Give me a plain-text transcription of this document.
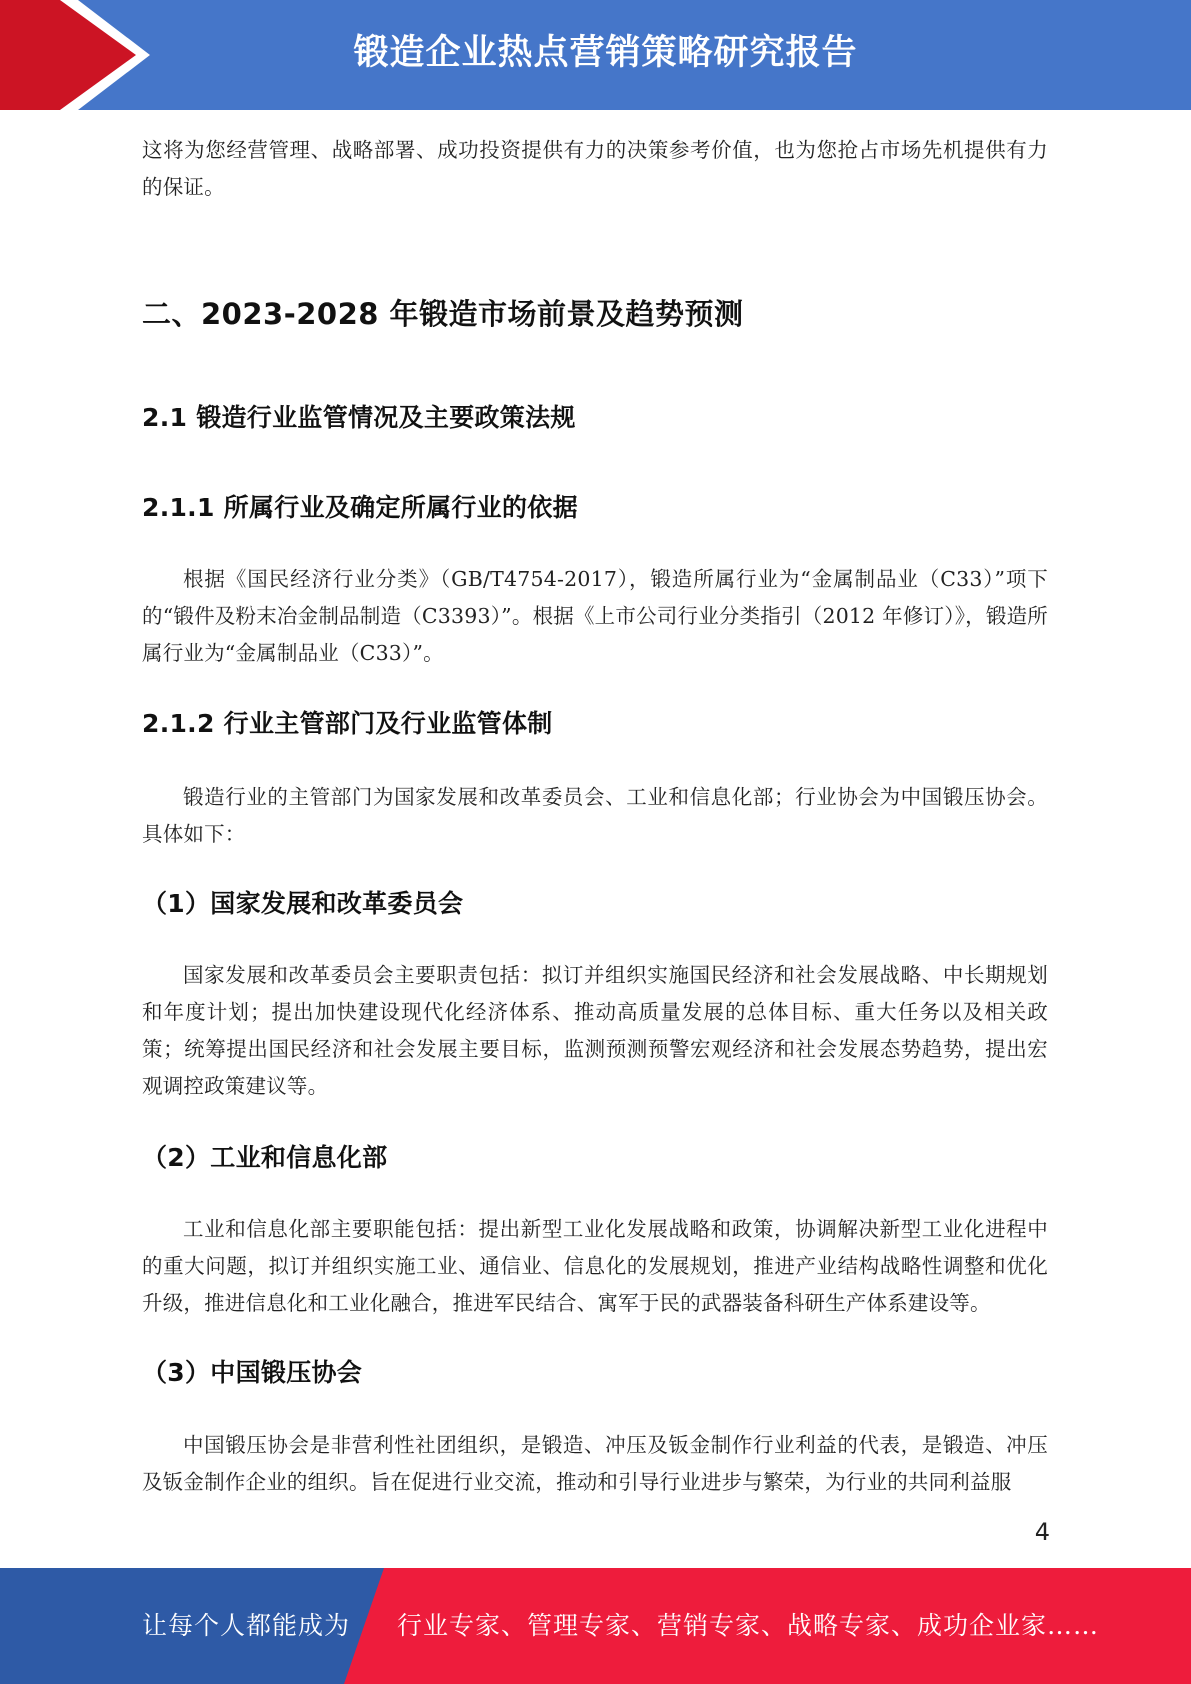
锻造企业热点营销策略研究报告

这将为您经营管理、战略部署、成功投资提供有力的决策参考价值，也为您抢占市场先机提供有力的保证。

二、2023-2028 年锻造市场前景及趋势预测
2.1 锻造行业监管情况及主要政策法规
2.1.1 所属行业及确定所属行业的依据

根据《国民经济行业分类》（GB/T4754-2017），锻造所属行业为“金属制品业（C33）”项下的“锻件及粉末冶金制品制造（C3393）”。根据《上市公司行业分类指引（2012 年修订）》，锻造所属行业为“金属制品业（C33）”。

2.1.2 行业主管部门及行业监管体制

锻造行业的主管部门为国家发展和改革委员会、工业和信息化部；行业协会为中国锻压协会。具体如下：

（1）国家发展和改革委员会

国家发展和改革委员会主要职责包括：拟订并组织实施国民经济和社会发展战略、中长期规划和年度计划；提出加快建设现代化经济体系、推动高质量发展的总体目标、重大任务以及相关政策；统筹提出国民经济和社会发展主要目标，监测预测预警宏观经济和社会发展态势趋势，提出宏观调控政策建议等。

（2）工业和信息化部

工业和信息化部主要职能包括：提出新型工业化发展战略和政策，协调解决新型工业化进程中的重大问题，拟订并组织实施工业、通信业、信息化的发展规划，推进产业结构战略性调整和优化升级，推进信息化和工业化融合，推进军民结合、寓军于民的武器装备科研生产体系建设等。

（3）中国锻压协会

中国锻压协会是非营利性社团组织，是锻造、冲压及钣金制作行业利益的代表，是锻造、冲压及钣金制作企业的组织。旨在促进行业交流，推动和引导行业进步与繁荣，为行业的共同利益服

4
让每个人都能成为 行业专家、管理专家、营销专家、战略专家、成功企业家……
